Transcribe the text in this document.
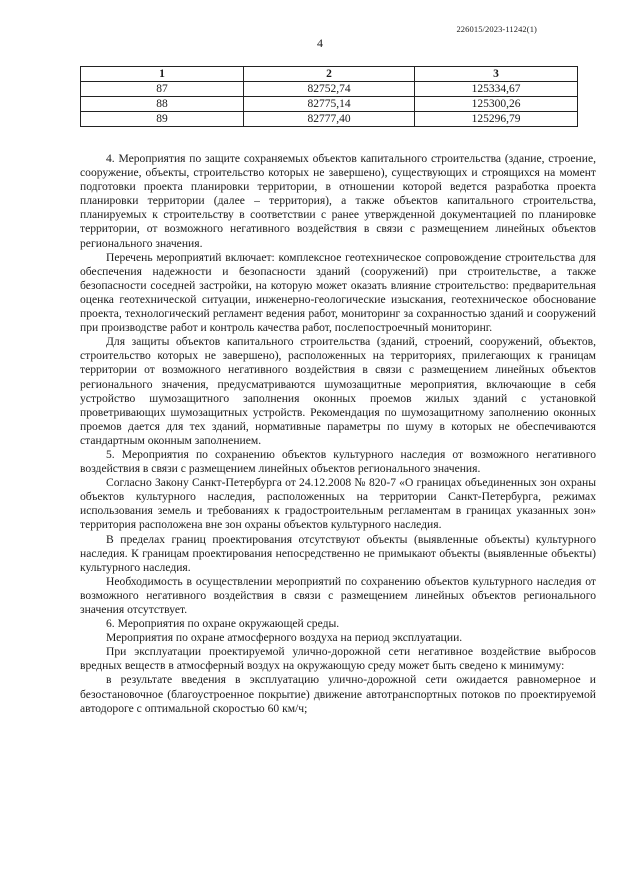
226015/2023-11242(1)
4
1	2	3
87	82752,74	125334,67
88	82775,14	125300,26
89	82777,40	125296,79

4. Мероприятия по защите сохраняемых объектов капитального строительства (здание, строение, сооружение, объекты, строительство которых не завершено), существующих и строящихся на момент подготовки проекта планировки территории, в отношении которой ведется разработка проекта планировки территории (далее – территория), а также объектов капитального строительства, планируемых к строительству в соответствии с ранее утвержденной документацией по планировке территории, от возможного негативного воздействия в связи с размещением линейных объектов регионального значения.

Перечень мероприятий включает: комплексное геотехническое сопровождение строительства для обеспечения надежности и безопасности зданий (сооружений) при строительстве, а также безопасности соседней застройки, на которую может оказать влияние строительство: предварительная оценка геотехнической ситуации, инженерно-геологические изыскания, геотехническое обоснование проекта, технологический регламент ведения работ, мониторинг за сохранностью зданий и сооружений при производстве работ и контроль качества работ, послепостроечный мониторинг.

Для защиты объектов капитального строительства (зданий, строений, сооружений, объектов, строительство которых не завершено), расположенных на территориях, прилегающих к границам территории от возможного негативного воздействия в связи с размещением линейных объектов регионального значения, предусматриваются шумозащитные мероприятия, включающие в себя устройство шумозащитного заполнения оконных проемов жилых зданий с установкой проветривающих шумозащитных устройств. Рекомендация по шумозащитному заполнению оконных проемов дается для тех зданий, нормативные параметры по шуму в которых не обеспечиваются стандартным оконным заполнением.

5. Мероприятия по сохранению объектов культурного наследия от возможного негативного воздействия в связи с размещением линейных объектов регионального значения.

Согласно Закону Санкт-Петербурга от 24.12.2008 № 820-7 «О границах объединенных зон охраны объектов культурного наследия, расположенных на территории Санкт-Петербурга, режимах использования земель и требованиях к градостроительным регламентам в границах указанных зон» территория расположена вне зон охраны объектов культурного наследия.

В пределах границ проектирования отсутствуют объекты (выявленные объекты) культурного наследия. К границам проектирования непосредственно не примыкают объекты (выявленные объекты) культурного наследия.

Необходимость в осуществлении мероприятий по сохранению объектов культурного наследия от возможного негативного воздействия в связи с размещением линейных объектов регионального значения отсутствует.

6. Мероприятия по охране окружающей среды.

Мероприятия по охране атмосферного воздуха на период эксплуатации.

При эксплуатации проектируемой улично-дорожной сети негативное воздействие выбросов вредных веществ в атмосферный воздух на окружающую среду может быть сведено к минимуму:

в результате введения в эксплуатацию улично-дорожной сети ожидается равномерное и безостановочное (благоустроенное покрытие) движение автотранспортных потоков по проектируемой автодороге с оптимальной скоростью 60 км/ч;
